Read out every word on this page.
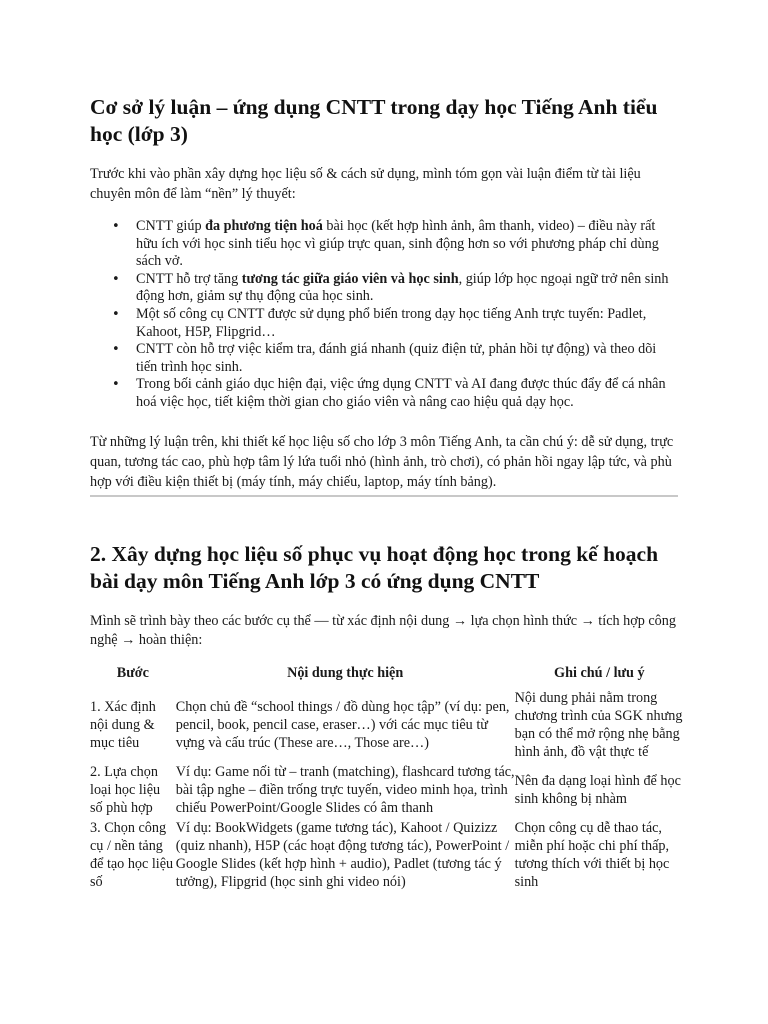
Cơ sở lý luận – ứng dụng CNTT trong dạy học Tiếng Anh tiểu học (lớp 3)

Trước khi vào phần xây dựng học liệu số & cách sử dụng, mình tóm gọn vài luận điểm từ tài liệu chuyên môn để làm “nền” lý thuyết:

• CNTT giúp đa phương tiện hoá bài học (kết hợp hình ảnh, âm thanh, video) – điều này rất hữu ích với học sinh tiểu học vì giúp trực quan, sinh động hơn so với phương pháp chỉ dùng sách vở.
• CNTT hỗ trợ tăng tương tác giữa giáo viên và học sinh, giúp lớp học ngoại ngữ trở nên sinh động hơn, giảm sự thụ động của học sinh.
• Một số công cụ CNTT được sử dụng phổ biến trong dạy học tiếng Anh trực tuyến: Padlet, Kahoot, H5P, Flipgrid…
• CNTT còn hỗ trợ việc kiểm tra, đánh giá nhanh (quiz điện tử, phản hồi tự động) và theo dõi tiến trình học sinh.
• Trong bối cảnh giáo dục hiện đại, việc ứng dụng CNTT và AI đang được thúc đẩy để cá nhân hoá việc học, tiết kiệm thời gian cho giáo viên và nâng cao hiệu quả dạy học.

Từ những lý luận trên, khi thiết kế học liệu số cho lớp 3 môn Tiếng Anh, ta cần chú ý: dễ sử dụng, trực quan, tương tác cao, phù hợp tâm lý lứa tuổi nhỏ (hình ảnh, trò chơi), có phản hồi ngay lập tức, và phù hợp với điều kiện thiết bị (máy tính, máy chiếu, laptop, máy tính bảng).

2. Xây dựng học liệu số phục vụ hoạt động học trong kế hoạch bài dạy môn Tiếng Anh lớp 3 có ứng dụng CNTT

Mình sẽ trình bày theo các bước cụ thể — từ xác định nội dung → lựa chọn hình thức → tích hợp công nghệ → hoàn thiện:

Bước	Nội dung thực hiện	Ghi chú / lưu ý
1. Xác định nội dung & mục tiêu	Chọn chủ đề “school things / đồ dùng học tập” (ví dụ: pen, pencil, book, pencil case, eraser…) với các mục tiêu từ vựng và cấu trúc (These are…, Those are…)	Nội dung phải nằm trong chương trình của SGK nhưng bạn có thể mở rộng nhẹ bằng hình ảnh, đồ vật thực tế
2. Lựa chọn loại học liệu số phù hợp	Ví dụ: Game nối từ – tranh (matching), flashcard tương tác, bài tập nghe – điền trống trực tuyến, video minh họa, trình chiếu PowerPoint/Google Slides có âm thanh	Nên đa dạng loại hình để học sinh không bị nhàm
3. Chọn công cụ / nền tảng để tạo học liệu số	Ví dụ: BookWidgets (game tương tác), Kahoot / Quizizz (quiz nhanh), H5P (các hoạt động tương tác), PowerPoint / Google Slides (kết hợp hình + audio), Padlet (tương tác ý tưởng), Flipgrid (học sinh ghi video nói)	Chọn công cụ dễ thao tác, miễn phí hoặc chi phí thấp, tương thích với thiết bị học sinh
